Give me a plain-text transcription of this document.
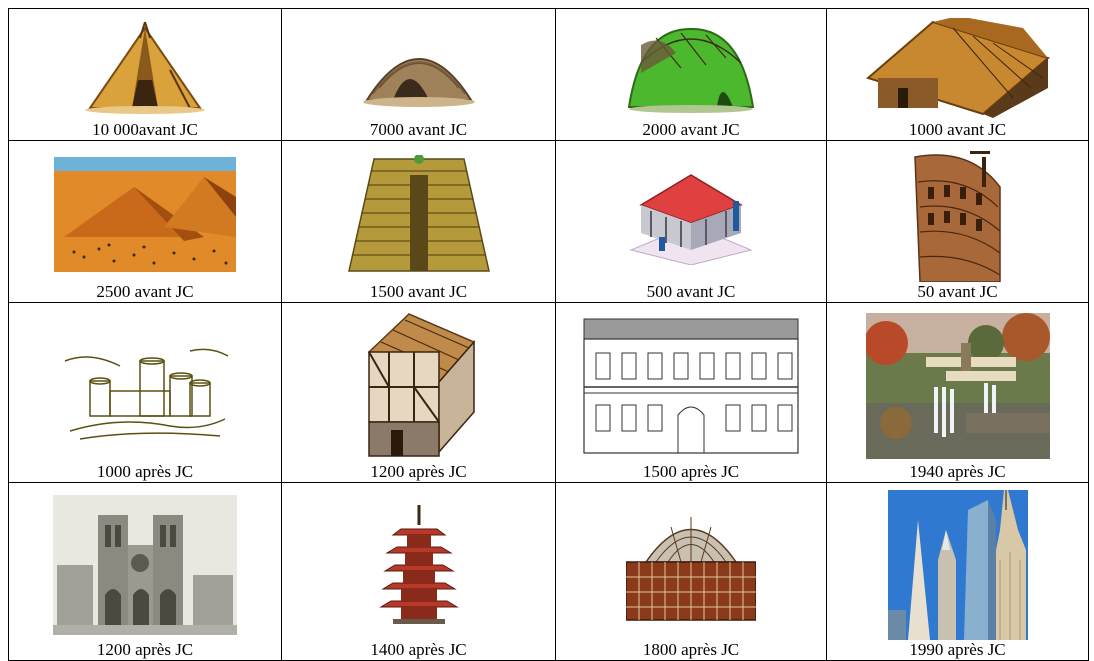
10 000avant JC	7000 avant JC	2000 avant JC	1000 avant JC

2500 avant JC	1500 avant JC	500 avant JC	50 avant JC

1000 après JC	1200 après JC	1500 après JC	1940 après JC

1200 après JC	1400 après JC	1800 après JC	1990 après JC
